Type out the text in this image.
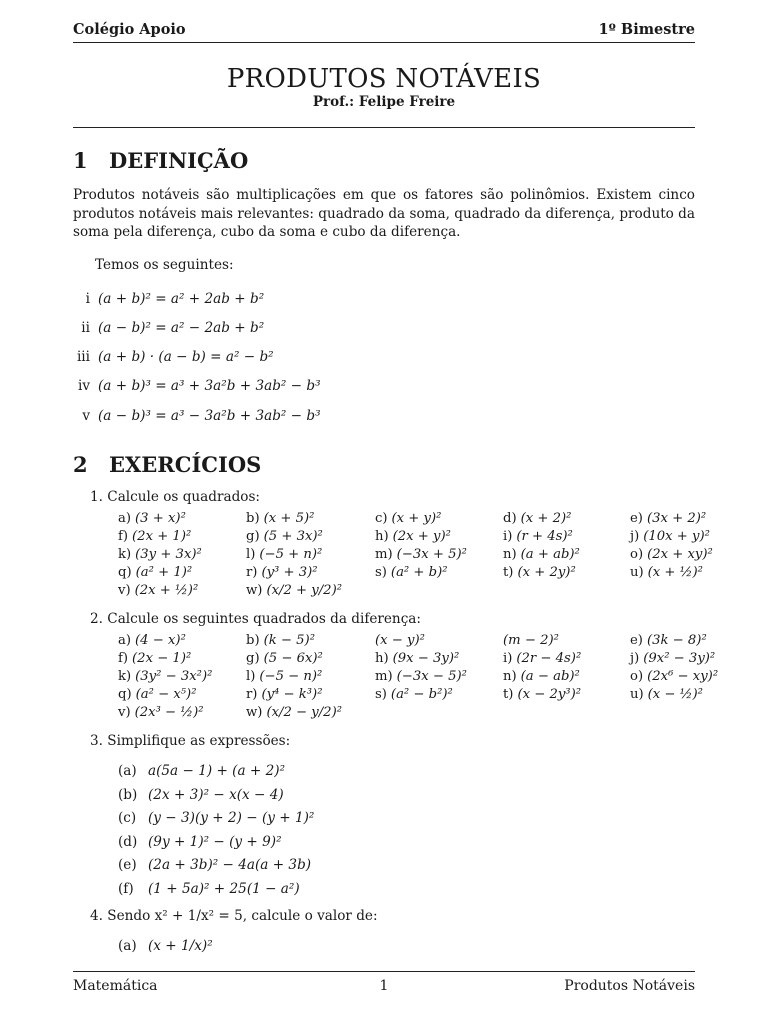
Colégio Apoio	1º Bimestre
PRODUTOS NOTÁVEIS
Prof.: Felipe Freire
1 DEFINIÇÃO
Produtos notáveis são multiplicações em que os fatores são polinômios. Existem cinco produtos notáveis mais relevantes: quadrado da soma, quadrado da diferença, produto da soma pela diferença, cubo da soma e cubo da diferença.
Temos os seguintes:
i (a + b)² = a² + 2ab + b²
ii (a − b)² = a² − 2ab + b²
iii (a + b) · (a − b) = a² − b²
iv (a + b)³ = a³ + 3a²b + 3ab² − b³
v (a − b)³ = a³ − 3a²b + 3ab² − b³
2 EXERCÍCIOS
1. Calcule os quadrados:
a) (3 + x)²	b) (x + 5)²	c) (x + y)²	d) (x + 2)²	e) (3x + 2)²
f) (2x + 1)²	g) (5 + 3x)²	h) (2x + y)²	i) (r + 4s)²	j) (10x + y)²
k) (3y + 3x)²	l) (−5 + n)²	m) (−3x + 5)²	n) (a + ab)²	o) (2x + xy)²
q) (a² + 1)²	r) (y³ + 3)²	s) (a² + b)²	t) (x + 2y)²	u) (x + ½)²
v) (2x + ½)²	w) (x/2 + y/2)²
2. Calcule os seguintes quadrados da diferença:
a) (4 − x)²	b) (k − 5)²	(x − y)²	(m − 2)²	e) (3k − 8)²
f) (2x − 1)²	g) (5 − 6x)²	h) (9x − 3y)²	i) (2r − 4s)²	j) (9x² − 3y)²
k) (3y² − 3x²)²	l) (−5 − n)²	m) (−3x − 5)²	n) (a − ab)²	o) (2x⁶ − xy)²
q) (a² − x⁵)²	r) (y⁴ − k³)²	s) (a² − b²)²	t) (x − 2y³)²	u) (x − ½)²
v) (2x³ − ½)²	w) (x/2 − y/2)²
3. Simplifique as expressões:
(a) a(5a − 1) + (a + 2)²
(b) (2x + 3)² − x(x − 4)
(c) (y − 3)(y + 2) − (y + 1)²
(d) (9y + 1)² − (y + 9)²
(e) (2a + 3b)² − 4a(a + 3b)
(f) (1 + 5a)² + 25(1 − a²)
4. Sendo x² + 1/x² = 5, calcule o valor de:
(a) (x + 1/x)²
Matemática	1	Produtos Notáveis
